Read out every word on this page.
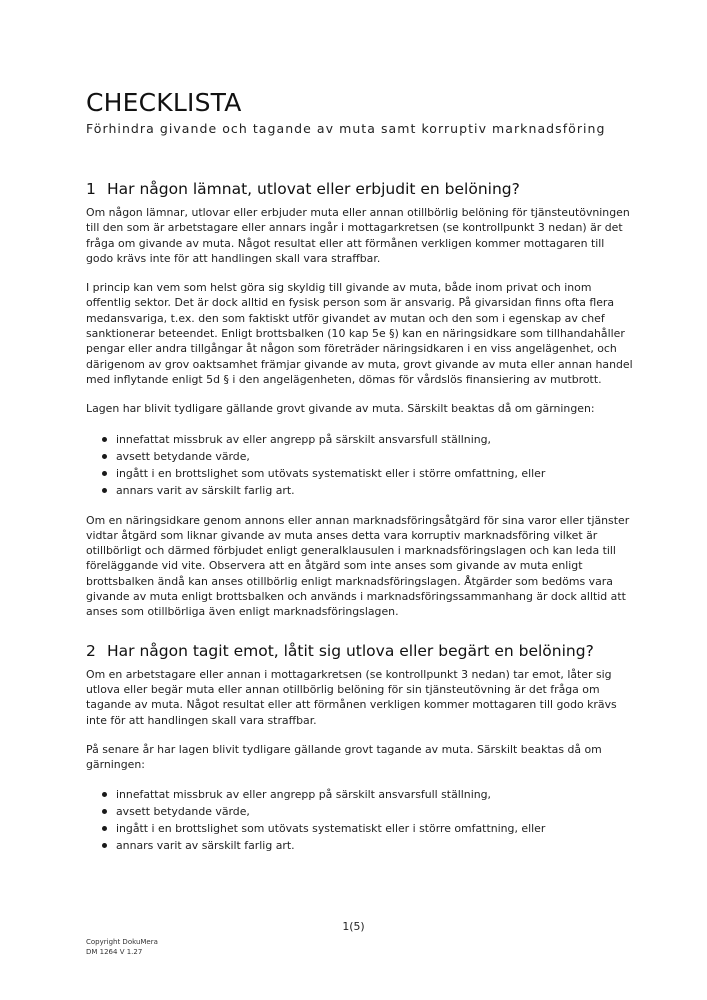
CHECKLISTA

Förhindra givande och tagande av muta samt korruptiv marknadsföring

1 Har någon lämnat, utlovat eller erbjudit en belöning?

Om någon lämnar, utlovar eller erbjuder muta eller annan otillbörlig belöning för tjänsteutövningen till den som är arbetstagare eller annars ingår i mottagarkretsen (se kontrollpunkt 3 nedan) är det fråga om givande av muta. Något resultat eller att förmånen verkligen kommer mottagaren till godo krävs inte för att handlingen skall vara straffbar.

I princip kan vem som helst göra sig skyldig till givande av muta, både inom privat och inom offentlig sektor. Det är dock alltid en fysisk person som är ansvarig. På givarsidan finns ofta flera medansvariga, t.ex. den som faktiskt utför givandet av mutan och den som i egenskap av chef sanktionerar beteendet. Enligt brottsbalken (10 kap 5e §) kan en näringsidkare som tillhandahåller pengar eller andra tillgångar åt någon som företräder näringsidkaren i en viss angelägenhet, och därigenom av grov oaktsamhet främjar givande av muta, grovt givande av muta eller annan handel med inflytande enligt 5d § i den angelägenheten, dömas för vårdslös finansiering av mutbrott.

Lagen har blivit tydligare gällande grovt givande av muta. Särskilt beaktas då om gärningen:

innefattat missbruk av eller angrepp på särskilt ansvarsfull ställning,
avsett betydande värde,
ingått i en brottslighet som utövats systematiskt eller i större omfattning, eller
annars varit av särskilt farlig art.

Om en näringsidkare genom annons eller annan marknadsföringsåtgärd för sina varor eller tjänster vidtar åtgärd som liknar givande av muta anses detta vara korruptiv marknadsföring vilket är otillbörligt och därmed förbjudet enligt generalklausulen i marknadsföringslagen och kan leda till föreläggande vid vite. Observera att en åtgärd som inte anses som givande av muta enligt brottsbalken ändå kan anses otillbörlig enligt marknadsföringslagen. Åtgärder som bedöms vara givande av muta enligt brottsbalken och används i marknadsföringssammanhang är dock alltid att anses som otillbörliga även enligt marknadsföringslagen.

2 Har någon tagit emot, låtit sig utlova eller begärt en belöning?

Om en arbetstagare eller annan i mottagarkretsen (se kontrollpunkt 3 nedan) tar emot, låter sig utlova eller begär muta eller annan otillbörlig belöning för sin tjänsteutövning är det fråga om tagande av muta. Något resultat eller att förmånen verkligen kommer mottagaren till godo krävs inte för att handlingen skall vara straffbar.

På senare år har lagen blivit tydligare gällande grovt tagande av muta. Särskilt beaktas då om gärningen:

innefattat missbruk av eller angrepp på särskilt ansvarsfull ställning,
avsett betydande värde,
ingått i en brottslighet som utövats systematiskt eller i större omfattning, eller
annars varit av särskilt farlig art.
1(5)
Copyright DokuMera
DM 1264 V 1.27
